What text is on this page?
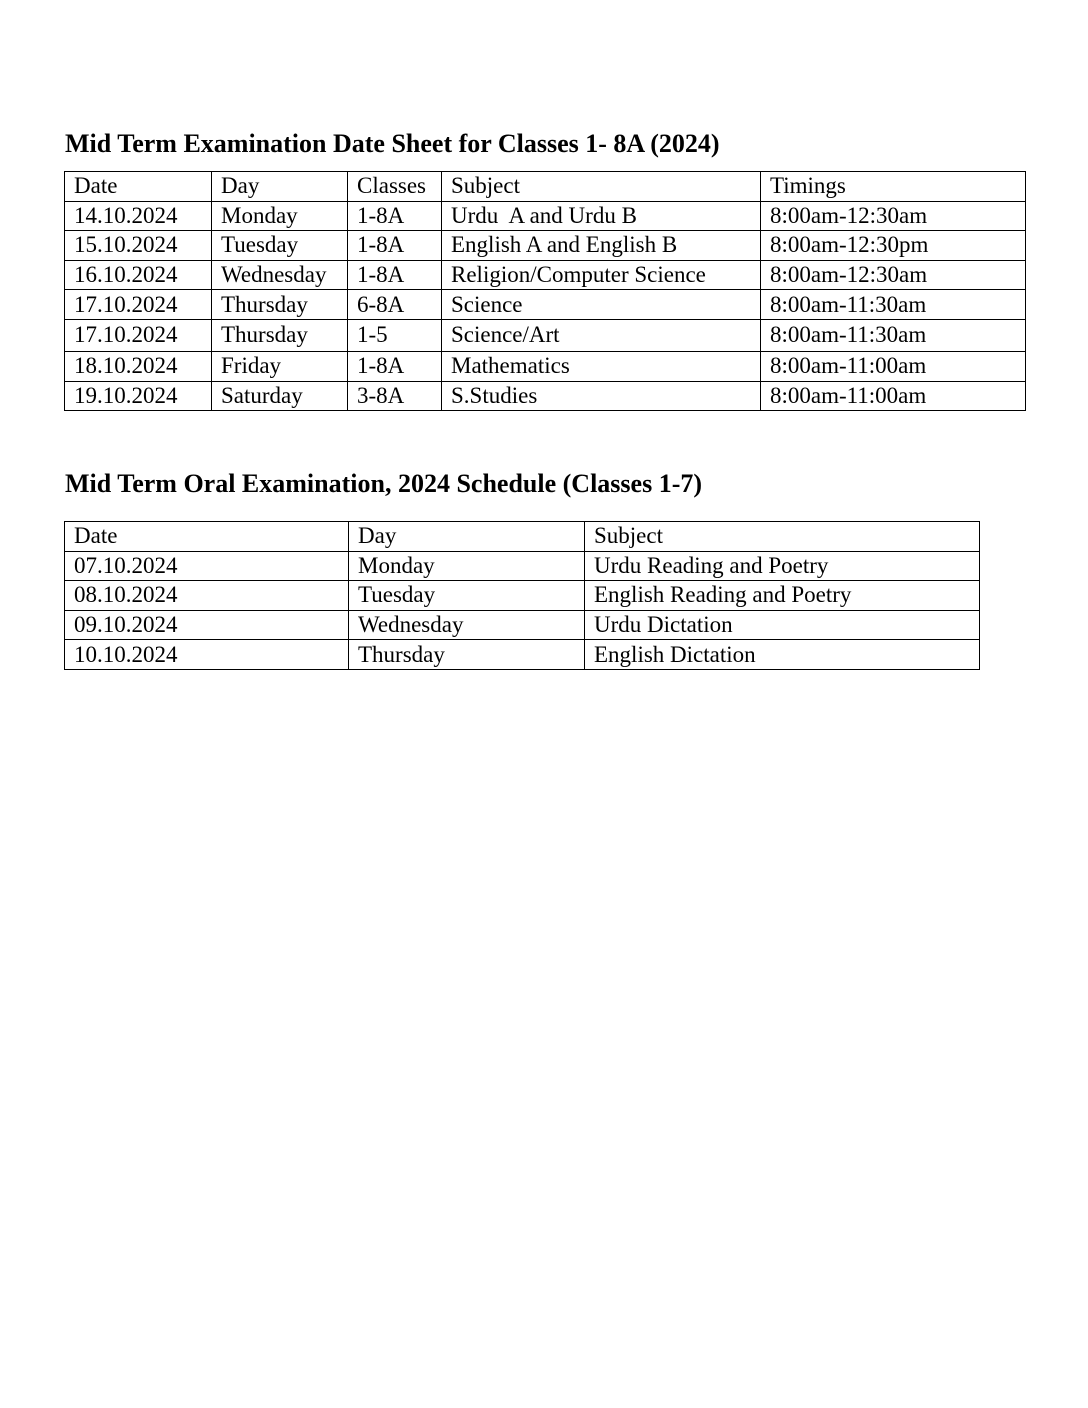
Mid Term Examination Date Sheet for Classes 1- 8A (2024)
Date	Day	Classes	Subject	Timings
14.10.2024	Monday	1-8A	Urdu  A and Urdu B	8:00am-12:30am
15.10.2024	Tuesday	1-8A	English A and English B	8:00am-12:30pm
16.10.2024	Wednesday	1-8A	Religion/Computer Science	8:00am-12:30am
17.10.2024	Thursday	6-8A	Science	8:00am-11:30am
17.10.2024	Thursday	1-5	Science/Art	8:00am-11:30am
18.10.2024	Friday	1-8A	Mathematics	8:00am-11:00am
19.10.2024	Saturday	3-8A	S.Studies	8:00am-11:00am
Mid Term Oral Examination, 2024 Schedule (Classes 1-7)
Date	Day	Subject
07.10.2024	Monday	Urdu Reading and Poetry
08.10.2024	Tuesday	English Reading and Poetry
09.10.2024	Wednesday	Urdu Dictation
10.10.2024	Thursday	English Dictation
